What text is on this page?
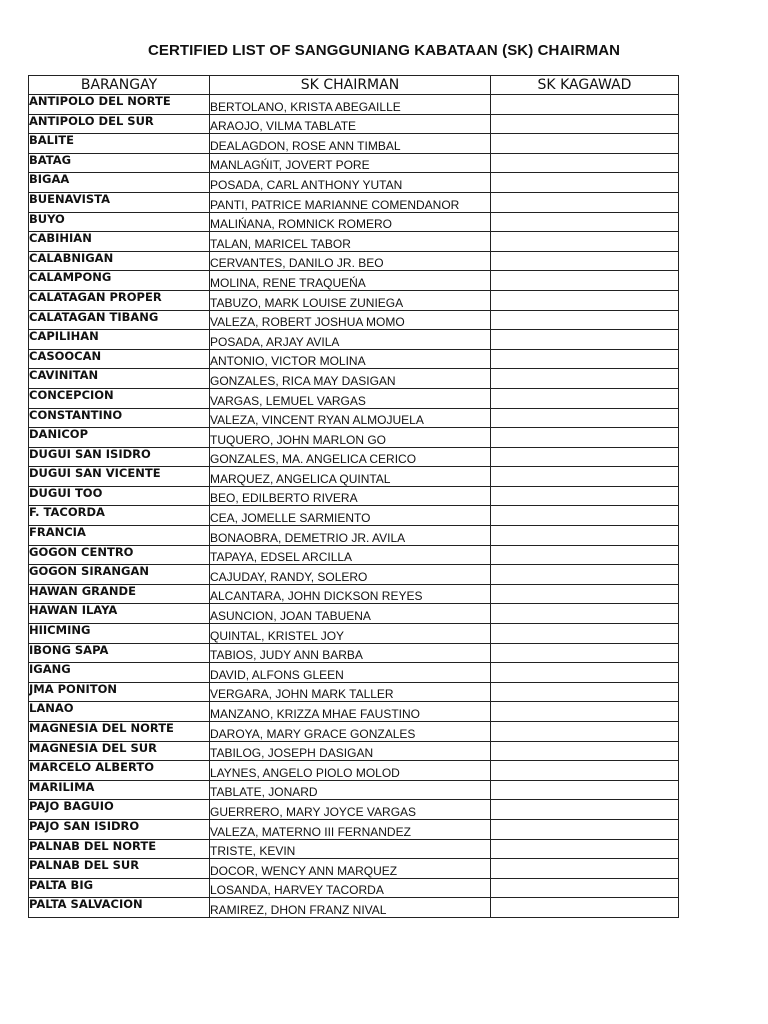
CERTIFIED LIST OF SANGGUNIANG KABATAAN (SK) CHAIRMAN
BARANGAY	SK CHAIRMAN	SK KAGAWAD
ANTIPOLO DEL NORTE	BERTOLANO, KRISTA ABEGAILLE	
ANTIPOLO DEL SUR	ARAOJO, VILMA TABLATE	
BALITE	DEALAGDON, ROSE ANN TIMBAL	
BATAG	MANLAGŃIT, JOVERT PORE	
BIGAA	POSADA, CARL ANTHONY YUTAN	
BUENAVISTA	PANTI, PATRICE MARIANNE COMENDANOR	
BUYO	MALIŃANA, ROMNICK ROMERO	
CABIHIAN	TALAN, MARICEL TABOR	
CALABNIGAN	CERVANTES, DANILO JR. BEO	
CALAMPONG	MOLINA, RENE TRAQUEŃA	
CALATAGAN PROPER	TABUZO, MARK LOUISE ZUNIEGA	
CALATAGAN TIBANG	VALEZA, ROBERT JOSHUA MOMO	
CAPILIHAN	POSADA, ARJAY AVILA	
CASOOCAN	ANTONIO, VICTOR MOLINA	
CAVINITAN	GONZALES, RICA MAY DASIGAN	
CONCEPCION	VARGAS, LEMUEL VARGAS	
CONSTANTINO	VALEZA, VINCENT RYAN ALMOJUELA	
DANICOP	TUQUERO, JOHN MARLON GO	
DUGUI SAN ISIDRO	GONZALES, MA. ANGELICA CERICO	
DUGUI SAN VICENTE	MARQUEZ, ANGELICA QUINTAL	
DUGUI TOO	BEO, EDILBERTO RIVERA	
F. TACORDA	CEA, JOMELLE SARMIENTO	
FRANCIA	BONAOBRA, DEMETRIO JR. AVILA	
GOGON CENTRO	TAPAYA, EDSEL ARCILLA	
GOGON SIRANGAN	CAJUDAY, RANDY, SOLERO	
HAWAN GRANDE	ALCANTARA, JOHN DICKSON REYES	
HAWAN ILAYA	ASUNCION, JOAN TABUENA	
HIICMING	QUINTAL, KRISTEL JOY	
IBONG SAPA	TABIOS, JUDY ANN BARBA	
IGANG	DAVID, ALFONS GLEEN	
JMA PONITON	VERGARA, JOHN MARK TALLER	
LANAO	MANZANO, KRIZZA MHAE FAUSTINO	
MAGNESIA DEL NORTE	DAROYA, MARY GRACE GONZALES	
MAGNESIA DEL SUR	TABILOG, JOSEPH DASIGAN	
MARCELO ALBERTO	LAYNES, ANGELO PIOLO MOLOD	
MARILIMA	TABLATE, JONARD	
PAJO BAGUIO	GUERRERO, MARY JOYCE VARGAS	
PAJO SAN ISIDRO	VALEZA, MATERNO III FERNANDEZ	
PALNAB DEL NORTE	TRISTE, KEVIN	
PALNAB DEL SUR	DOCOR, WENCY ANN MARQUEZ	
PALTA BIG	LOSANDA, HARVEY TACORDA	
PALTA SALVACION	RAMIREZ, DHON FRANZ NIVAL	
